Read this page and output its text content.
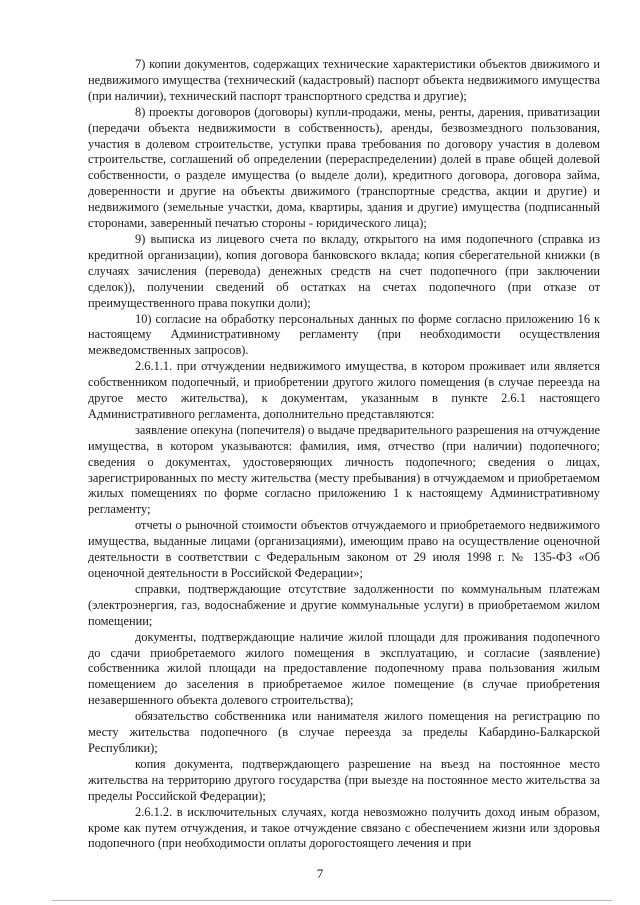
7) копии документов, содержащих технические характеристики объектов движимого и недвижимого имущества (технический (кадастровый) паспорт объекта недвижимого имущества (при наличии), технический паспорт транспортного средства и другие);

8) проекты договоров (договоры) купли-продажи, мены, ренты, дарения, приватизации (передачи объекта недвижимости в собственность), аренды, безвозмездного пользования, участия в долевом строительстве, уступки права требования по договору участия в долевом строительстве, соглашений об определении (перераспределении) долей в праве общей долевой собственности, о разделе имущества (о выделе доли), кредитного договора, договора займа, доверенности и другие на объекты движимого (транспортные средства, акции и другие) и недвижимого (земельные участки, дома, квартиры, здания и другие) имущества (подписанный сторонами, заверенный печатью стороны - юридического лица);

9) выписка из лицевого счета по вкладу, открытого на имя подопечного (справка из кредитной организации), копия договора банковского вклада; копия сберегательной книжки (в случаях зачисления (перевода) денежных средств на счет подопечного (при заключении сделок)), получении сведений об остатках на счетах подопечного (при отказе от преимущественного права покупки доли);

10) согласие на обработку персональных данных по форме согласно приложению 16 к настоящему Административному регламенту (при необходимости осуществления межведомственных запросов).

2.6.1.1. при отчуждении недвижимого имущества, в котором проживает или является собственником подопечный, и приобретении другого жилого помещения (в случае переезда на другое место жительства), к документам, указанным в пункте 2.6.1 настоящего Административного регламента, дополнительно представляются:

заявление опекуна (попечителя) о выдаче предварительного разрешения на отчуждение имущества, в котором указываются: фамилия, имя, отчество (при наличии) подопечного; сведения о документах, удостоверяющих личность подопечного; сведения о лицах, зарегистрированных по месту жительства (месту пребывания) в отчуждаемом и приобретаемом жилых помещениях по форме согласно приложению 1 к настоящему Административному регламенту;

отчеты о рыночной стоимости объектов отчуждаемого и приобретаемого недвижимого имущества, выданные лицами (организациями), имеющим право на осуществление оценочной деятельности в соответствии с Федеральным законом от 29 июля 1998 г. № 135-ФЗ «Об оценочной деятельности в Российской Федерации»;

справки, подтверждающие отсутствие задолженности по коммунальным платежам (электроэнергия, газ, водоснабжение и другие коммунальные услуги) в приобретаемом жилом помещении;

документы, подтверждающие наличие жилой площади для проживания подопечного до сдачи приобретаемого жилого помещения в эксплуатацию, и согласие (заявление) собственника жилой площади на предоставление подопечному права пользования жилым помещением до заселения в приобретаемое жилое помещение (в случае приобретения незавершенного объекта долевого строительства);

обязательство собственника или нанимателя жилого помещения на регистрацию по месту жительства подопечного (в случае переезда за пределы Кабардино-Балкарской Республики);

копия документа, подтверждающего разрешение на въезд на постоянное место жительства на территорию другого государства (при выезде на постоянное место жительства за пределы Российской Федерации);

2.6.1.2. в исключительных случаях, когда невозможно получить доход иным образом, кроме как путем отчуждения, и такое отчуждение связано с обеспечением жизни или здоровья подопечного (при необходимости оплаты дорогостоящего лечения и при

7
